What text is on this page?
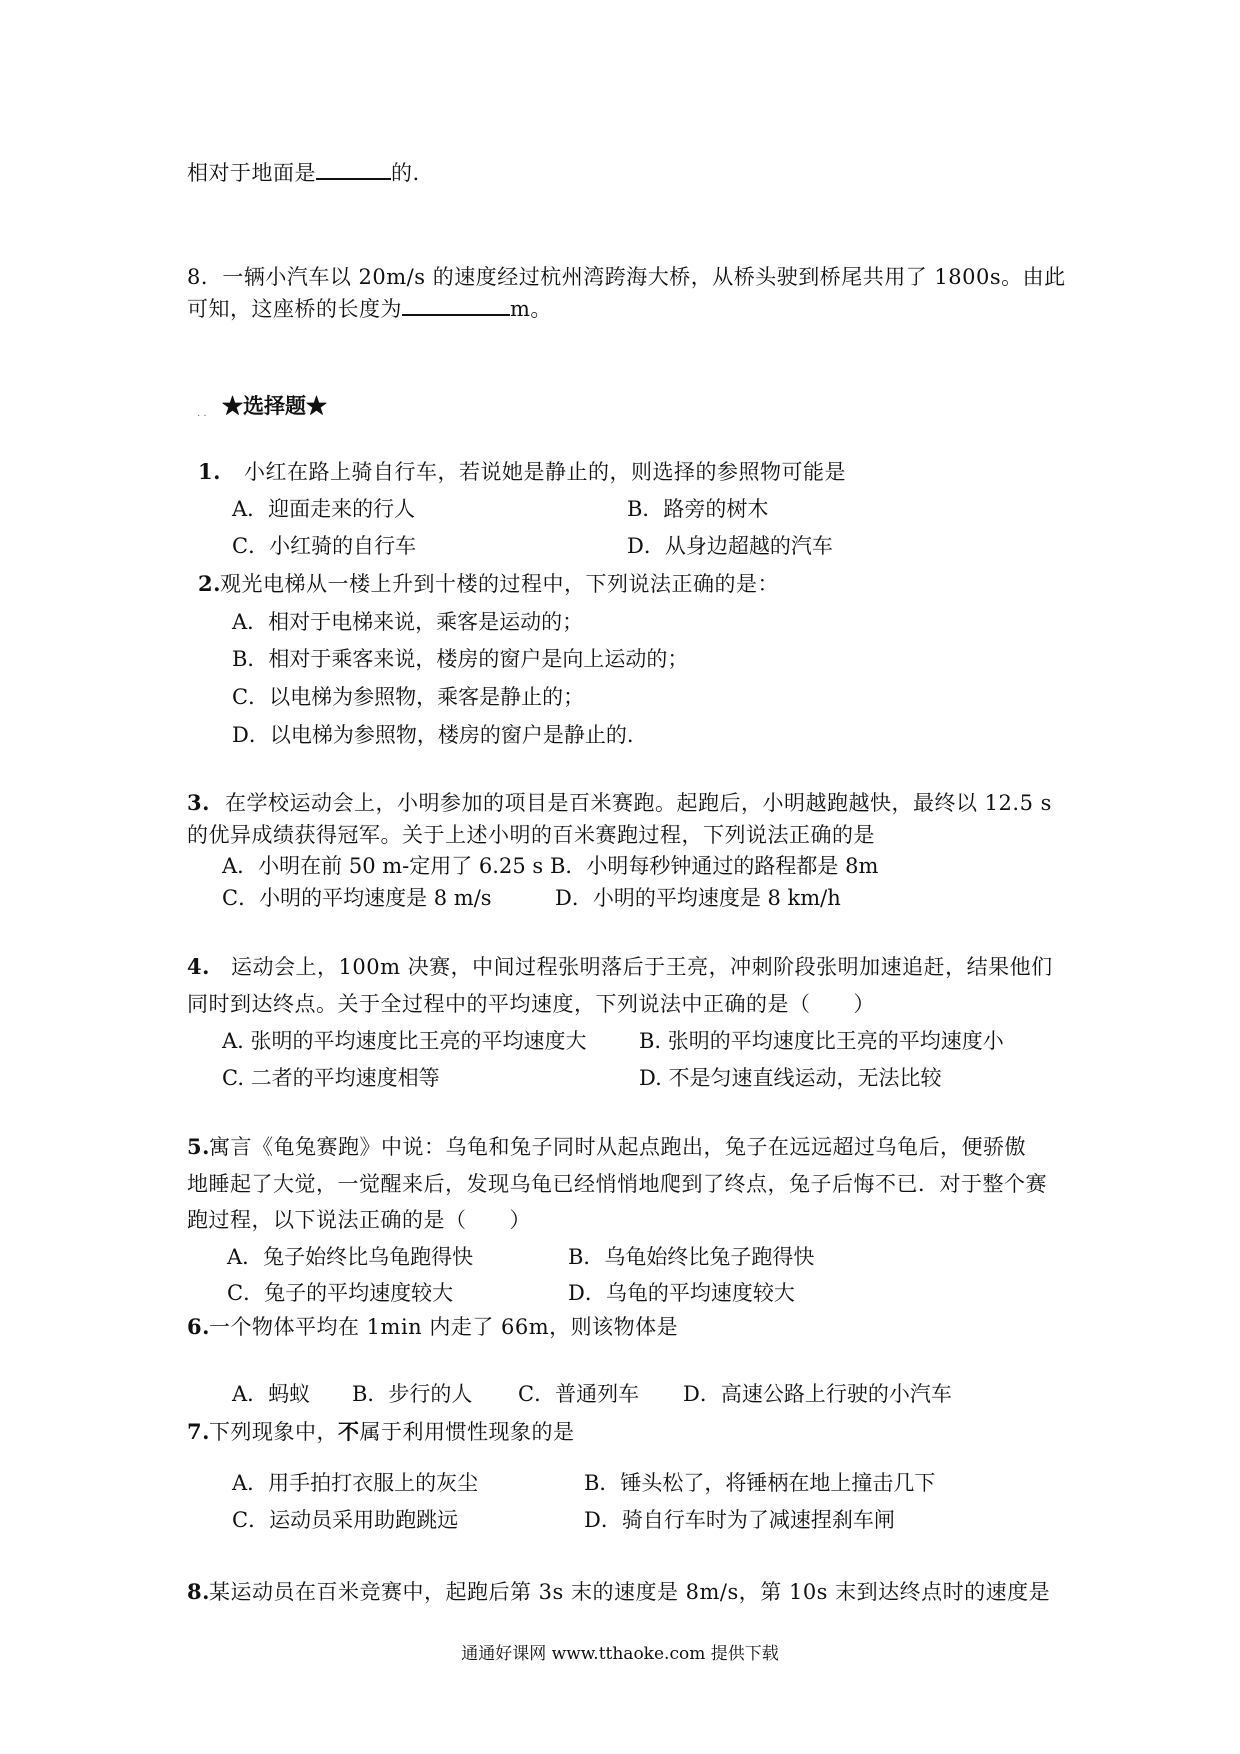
相对于地面是	的.
8．一辆小汽车以 20m/s 的速度经过杭州湾跨海大桥，从桥头驶到桥尾共用了 1800s。由此
可知，这座桥的长度为	m。
. . ★选择题★
1. 小红在路上骑自行车，若说她是静止的，则选择的参照物可能是
A．迎面走来的行人	B．路旁的树木
C．小红骑的自行车	D．从身边超越的汽车
2.观光电梯从一楼上升到十楼的过程中，下列说法正确的是：
A．相对于电梯来说，乘客是运动的；
B．相对于乘客来说，楼房的窗户是向上运动的；
C．以电梯为参照物，乘客是静止的；
D．以电梯为参照物，楼房的窗户是静止的.
3. 在学校运动会上，小明参加的项目是百米赛跑。起跑后，小明越跑越快，最终以 12.5 s
的优异成绩获得冠军。关于上述小明的百米赛跑过程，下列说法正确的是
A．小明在前 50 m-定用了 6.25 s B．小明每秒钟通过的路程都是 8m
C．小明的平均速度是 8 m/s	D．小明的平均速度是 8 km/h
4. 运动会上，100m 决赛，中间过程张明落后于王亮，冲刺阶段张明加速追赶，结果他们
同时到达终点。关于全过程中的平均速度，下列说法中正确的是（　　）
A. 张明的平均速度比王亮的平均速度大 B. 张明的平均速度比王亮的平均速度小
C. 二者的平均速度相等	D. 不是匀速直线运动，无法比较
5.寓言《龟兔赛跑》中说：乌龟和兔子同时从起点跑出，兔子在远远超过乌龟后，便骄傲
地睡起了大觉，一觉醒来后，发现乌龟已经悄悄地爬到了终点，兔子后悔不已．对于整个赛
跑过程，以下说法正确的是（　　）
A．兔子始终比乌龟跑得快	B．乌龟始终比兔子跑得快
C．兔子的平均速度较大	D．乌龟的平均速度较大
6.一个物体平均在 1min 内走了 66m，则该物体是
A．蚂蚁 B．步行的人 C．普通列车 D．高速公路上行驶的小汽车
7.下列现象中，不属于利用惯性现象的是
A．用手拍打衣服上的灰尘	B．锤头松了，将锤柄在地上撞击几下
C．运动员采用助跑跳远	D．骑自行车时为了减速捏刹车闸
8.某运动员在百米竞赛中，起跑后第 3s 末的速度是 8m/s，第 10s 末到达终点时的速度是
通通好课网 www.tthaoke.com 提供下载
